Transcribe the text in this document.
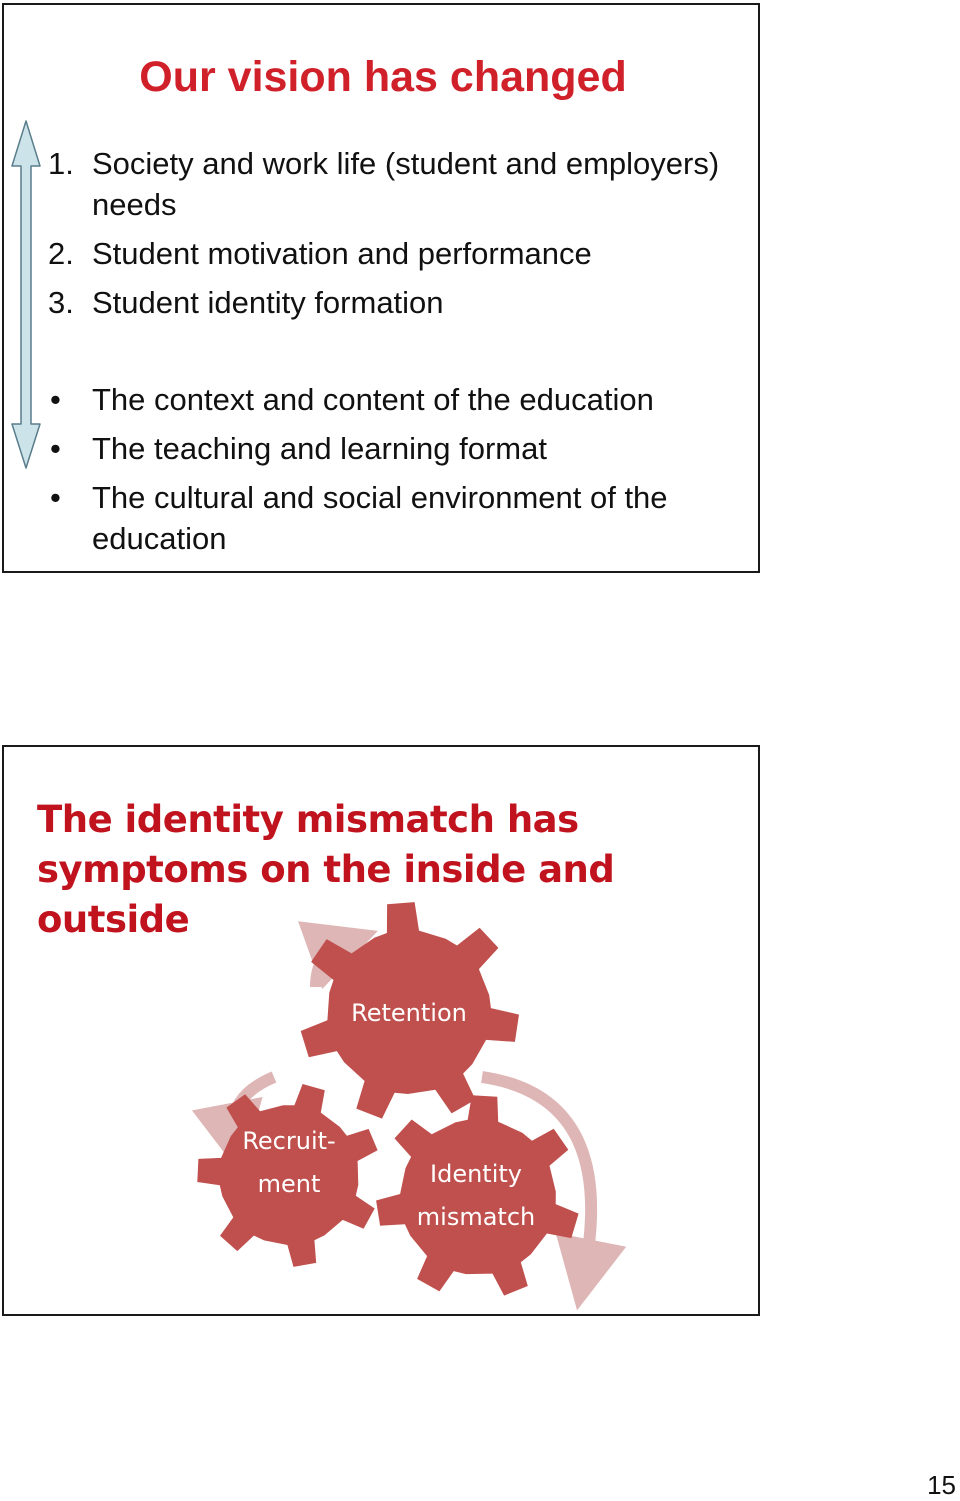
Our vision has changed
1. Society and work life (student and employers) needs
2. Student motivation and performance
3. Student identity formation
• The context and content of the education
• The teaching and learning format
• The cultural and social environment of the education
The identity mismatch has symptoms on the inside and outside
Retention
Recruit-
ment	Identity
mismatch
15
